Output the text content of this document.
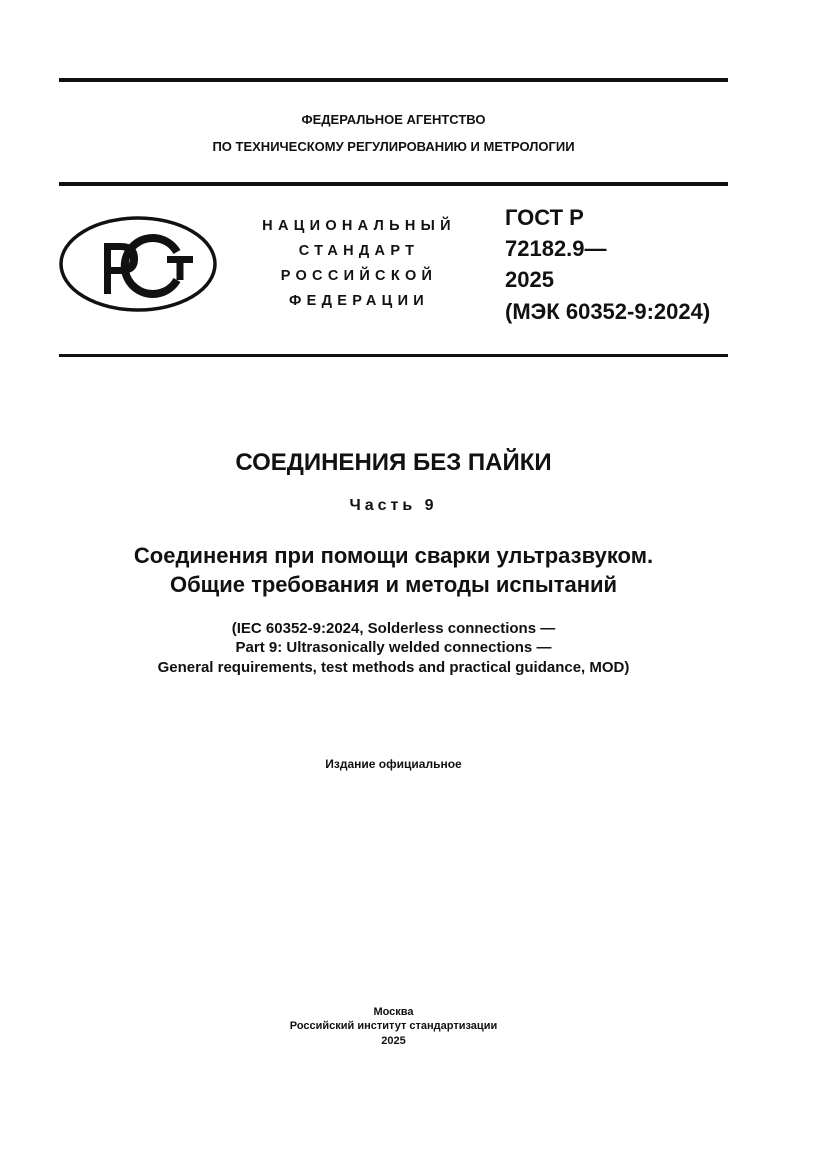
ФЕДЕРАЛЬНОЕ АГЕНТСТВО
ПО ТЕХНИЧЕСКОМУ РЕГУЛИРОВАНИЮ И МЕТРОЛОГИИ
НАЦИОНАЛЬНЫЙ
СТАНДАРТ
РОССИЙСКОЙ
ФЕДЕРАЦИИ
ГОСТ Р
72182.9—
2025
(МЭК 60352-9:2024)
СОЕДИНЕНИЯ БЕЗ ПАЙКИ
Часть 9
Соединения при помощи сварки ультразвуком.
Общие требования и методы испытаний
(IEC 60352-9:2024, Solderless connections —
Part 9: Ultrasonically welded connections —
General requirements, test methods and practical guidance, MOD)
Издание официальное
Москва
Российский институт стандартизации
2025
